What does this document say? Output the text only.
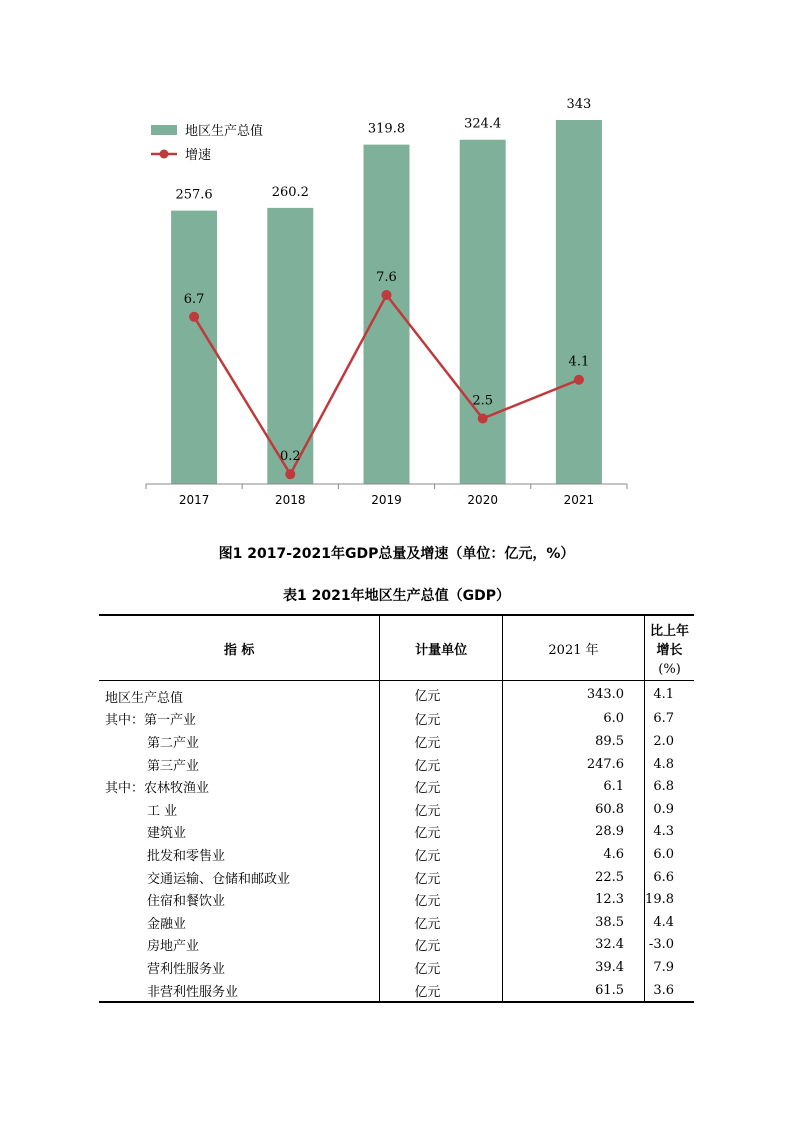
地区生产总值
增速
257.6	260.2
319.8	324.4
343
2017	2018	2019	2020	2021
6.7
0.2
7.6
2.5
4.1
图1 2017-2021年GDP总量及增速（单位：亿元，%）
表1 2021年地区生产总值（GDP）
指 标	计量单位	2021 年	比上年增长
(%)

地区生产总值	亿元	343.0	4.1
其中：第一产业	亿元	6.0	6.7
第二产业	亿元	89.5	2.0
第三产业	亿元	247.6	4.8
其中：农林牧渔业	亿元	6.1	6.8
工 业	亿元	60.8	0.9
建筑业	亿元	28.9	4.3
批发和零售业	亿元	4.6	6.0
交通运输、仓储和邮政业	亿元	22.5	6.6
住宿和餐饮业	亿元	12.3	19.8
金融业	亿元	38.5	4.4
房地产业	亿元	32.4	-3.0
营利性服务业	亿元	39.4	7.9
非营利性服务业	亿元	61.5	3.6
